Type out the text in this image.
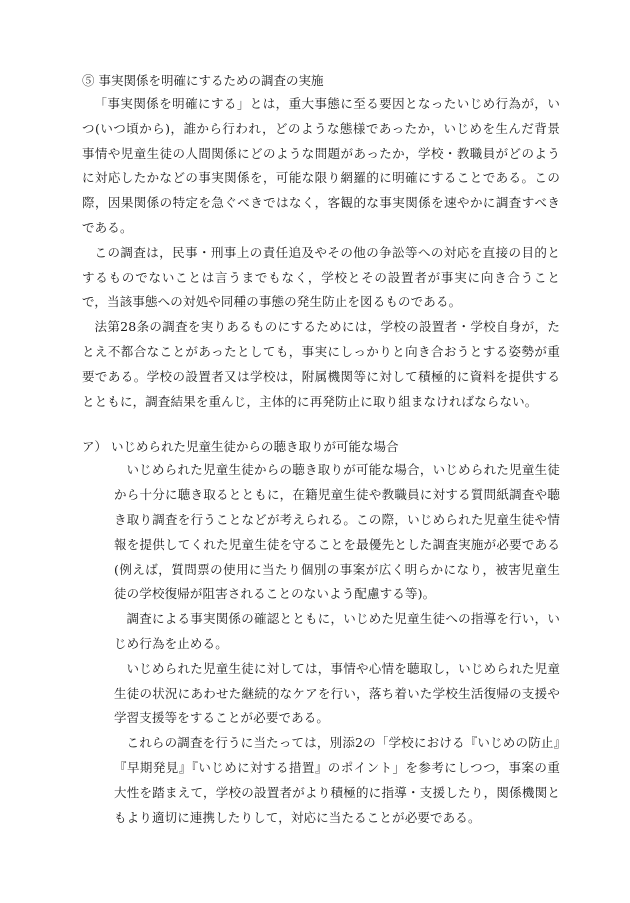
⑤ 事実関係を明確にするための調査の実施

「事実関係を明確にする」とは，重大事態に至る要因となったいじめ行為が，いつ(いつ頃から)，誰から行われ，どのような態様であったか，いじめを生んだ背景事情や児童生徒の人間関係にどのような問題があったか，学校・教職員がどのように対応したかなどの事実関係を，可能な限り網羅的に明確にすることである。この際，因果関係の特定を急ぐべきではなく，客観的な事実関係を速やかに調査すべきである。

この調査は，民事・刑事上の責任追及やその他の争訟等への対応を直接の目的とするものでないことは言うまでもなく，学校とその設置者が事実に向き合うことで，当該事態への対処や同種の事態の発生防止を図るものである。

法第28条の調査を実りあるものにするためには，学校の設置者・学校自身が，たとえ不都合なことがあったとしても，事実にしっかりと向き合おうとする姿勢が重要である。学校の設置者又は学校は，附属機関等に対して積極的に資料を提供するとともに，調査結果を重んじ，主体的に再発防止に取り組まなければならない。

ア） いじめられた児童生徒からの聴き取りが可能な場合

いじめられた児童生徒からの聴き取りが可能な場合，いじめられた児童生徒から十分に聴き取るとともに，在籍児童生徒や教職員に対する質問紙調査や聴き取り調査を行うことなどが考えられる。この際，いじめられた児童生徒や情報を提供してくれた児童生徒を守ることを最優先とした調査実施が必要である(例えば，質問票の使用に当たり個別の事案が広く明らかになり，被害児童生徒の学校復帰が阻害されることのないよう配慮する等)。

調査による事実関係の確認とともに，いじめた児童生徒への指導を行い，いじめ行為を止める。

いじめられた児童生徒に対しては，事情や心情を聴取し，いじめられた児童生徒の状況にあわせた継続的なケアを行い，落ち着いた学校生活復帰の支援や学習支援等をすることが必要である。

これらの調査を行うに当たっては，別添2の「学校における『いじめの防止』『早期発見』『いじめに対する措置』のポイント」を参考にしつつ，事案の重大性を踏まえて，学校の設置者がより積極的に指導・支援したり，関係機関ともより適切に連携したりして，対応に当たることが必要である。
